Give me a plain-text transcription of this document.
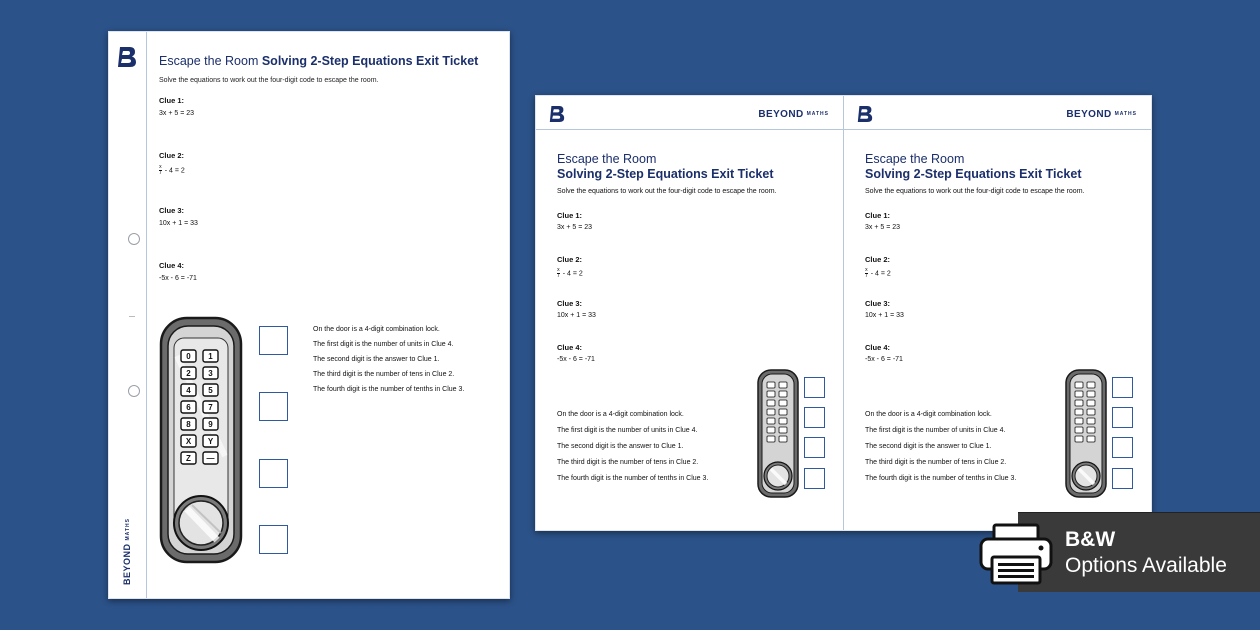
BEYONDMATHS
Escape the Room Solving 2-Step Equations Exit Ticket
Solve the equations to work out the four-digit code to escape the room.
Clue 1:
3x + 5 = 23
Clue 2:
$\frac{x}{7} - 4 = 2$
Clue 3:
10x + 1 = 33
Clue 4:
-5x - 6 = -71
0 1
2 3
4 5
6 7
8 9
X Y
Z —
On the door is a 4-digit combination lock.
The first digit is the number of units in Clue 4.
The second digit is the answer to Clue 1.
The third digit is the number of tens in Clue 2.
The fourth digit is the number of tenths in Clue 3.
BEYOND MATHS
Escape the Room
Solving 2-Step Equations Exit Ticket
Solve the equations to work out the four-digit code to escape the room.
Clue 1:
3x + 5 = 23
Clue 2:
$\frac{x}{7} - 4 = 2$
Clue 3:
10x + 1 = 33
Clue 4:
-5x - 6 = -71
On the door is a 4-digit combination lock.
The first digit is the number of units in Clue 4.
The second digit is the answer to Clue 1.
The third digit is the number of tens in Clue 2.
The fourth digit is the number of tenths in Clue 3.
BEYOND MATHS
Escape the Room
Solving 2-Step Equations Exit Ticket
Solve the equations to work out the four-digit code to escape the room.
Clue 1:
3x + 5 = 23
Clue 2:
$\frac{x}{7} - 4 = 2$
Clue 3:
10x + 1 = 33
Clue 4:
-5x - 6 = -71
On the door is a 4-digit combination lock.
The first digit is the number of units in Clue 4.
The second digit is the answer to Clue 1.
The third digit is the number of tens in Clue 2.
The fourth digit is the number of tenths in Clue 3.
B&W
Options Available
